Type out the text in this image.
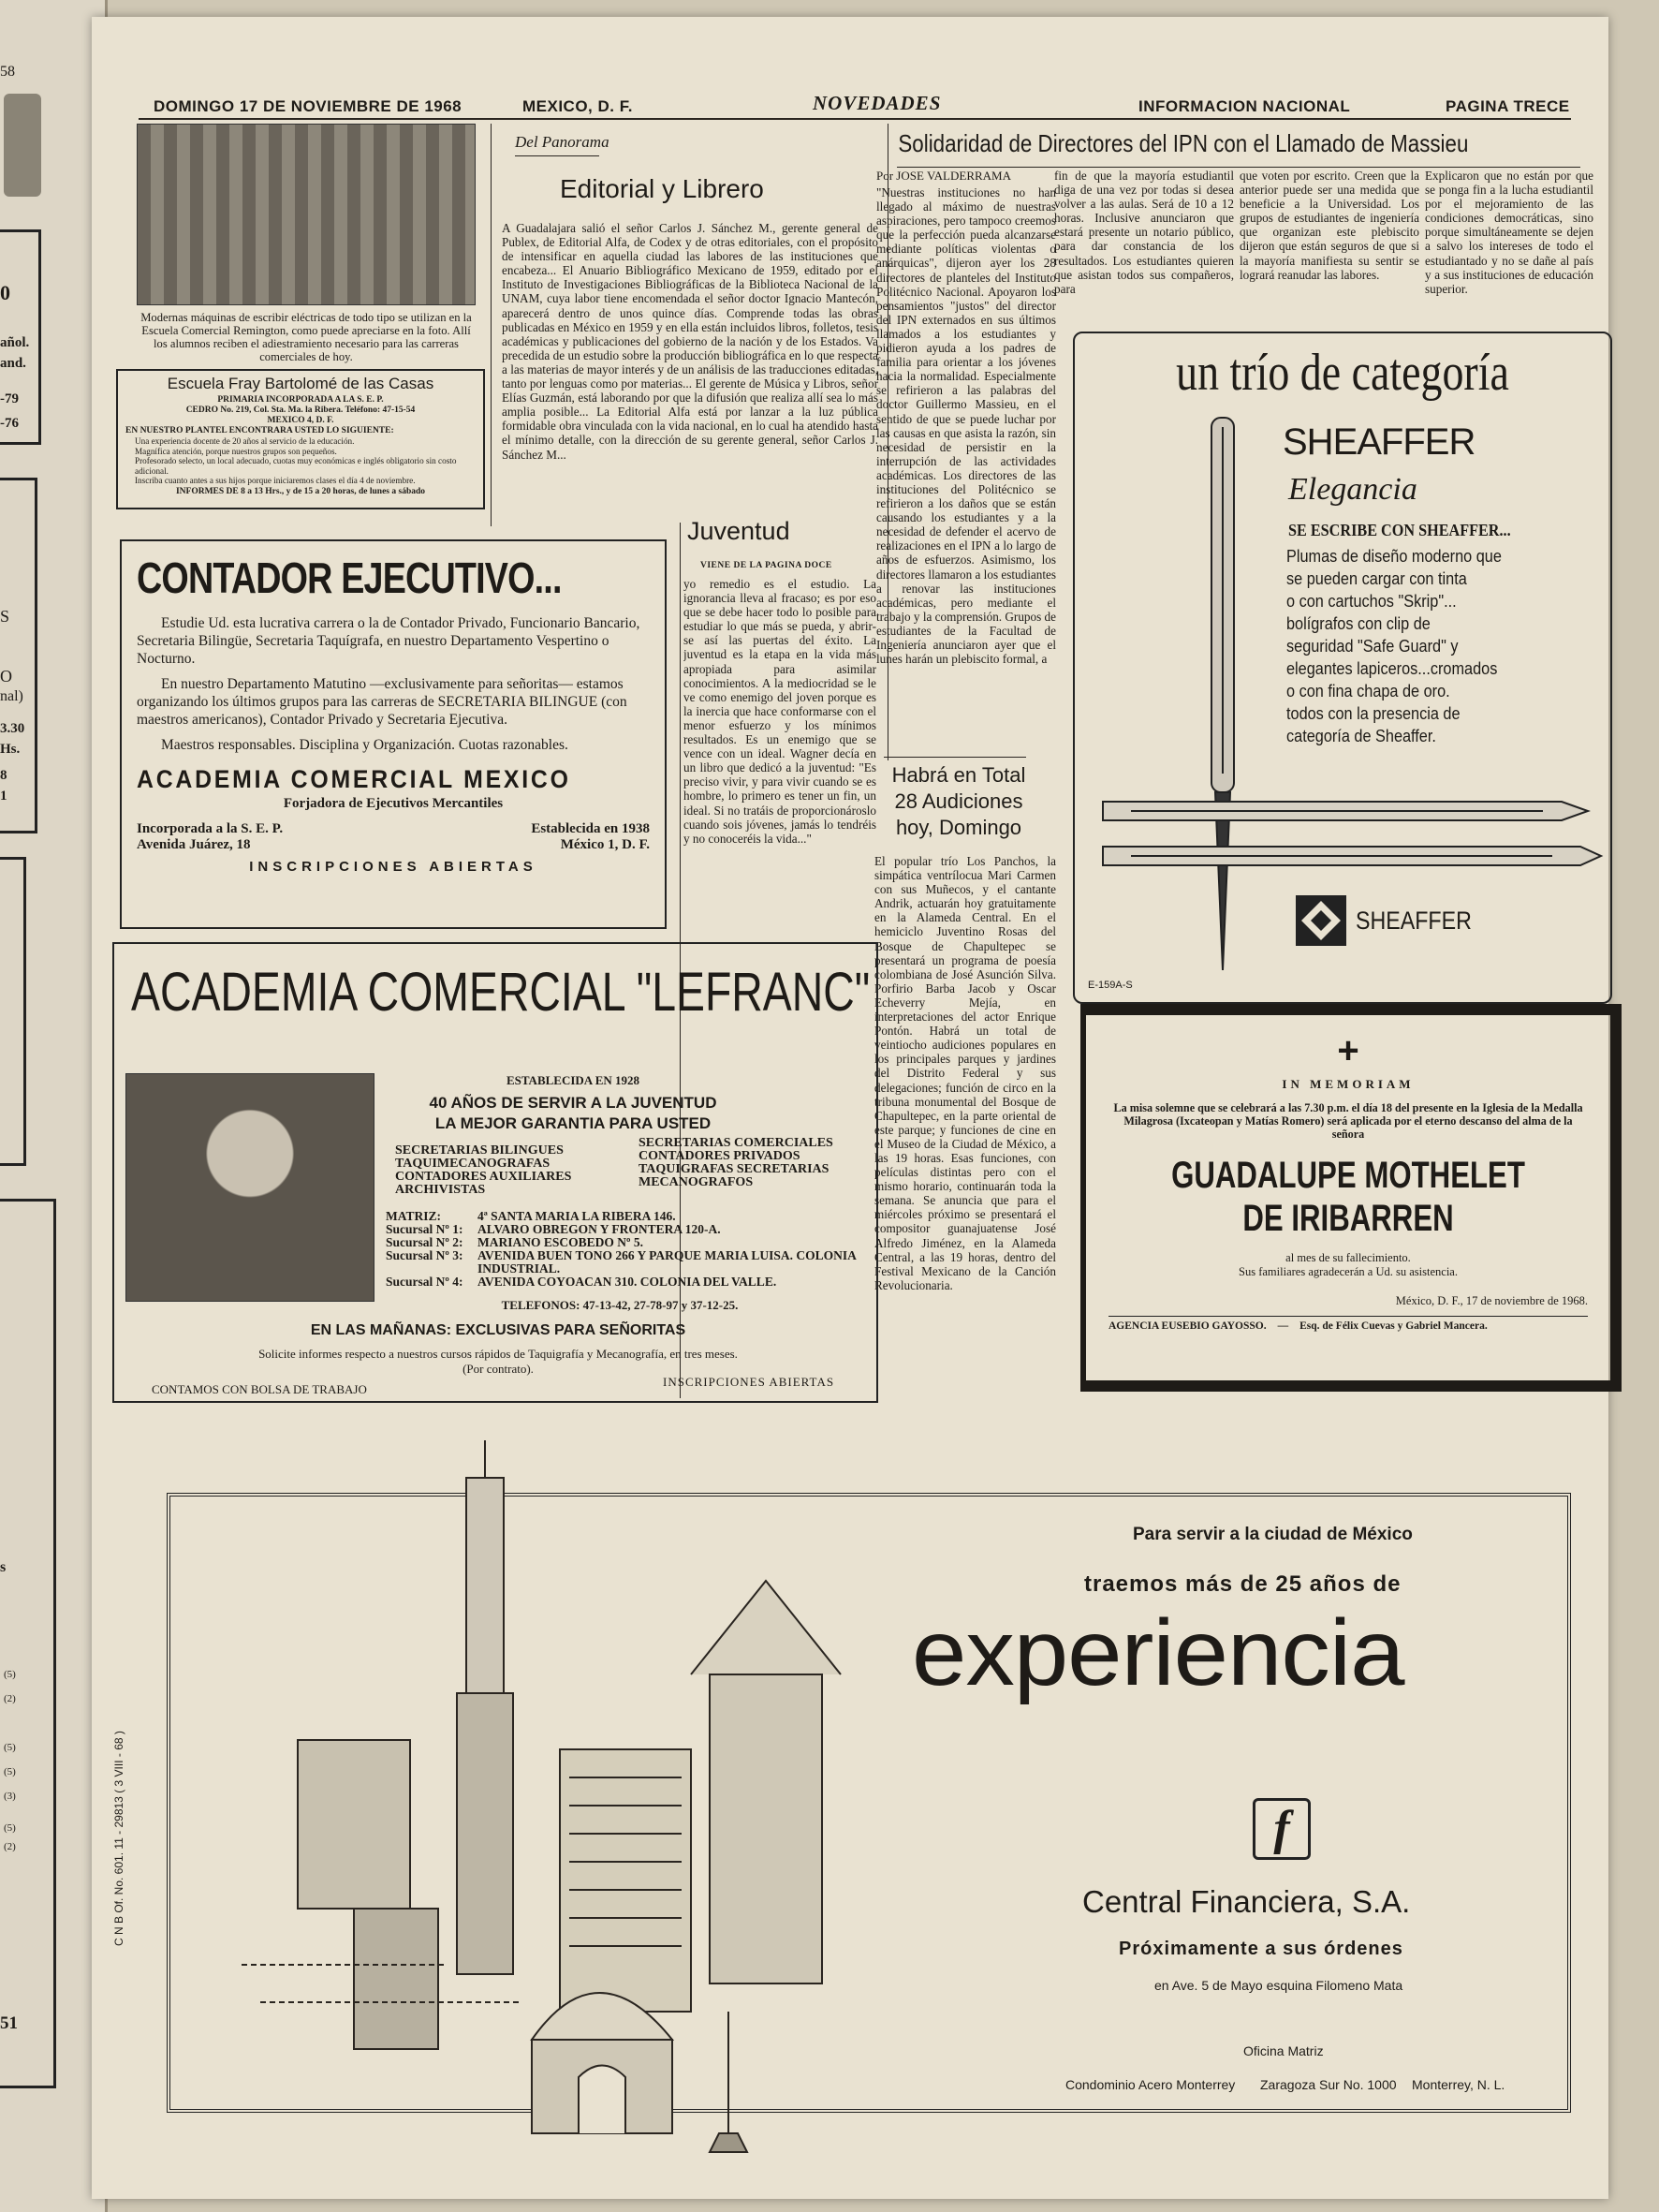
58
0
añol.
and.
-79
-76
S
O
nal)
3.30
Hs.
8
1
s
(5)
(2)
(5)
(5)
(3)
(5)
(2)
51
DOMINGO 17 DE NOVIEMBRE DE 1968	MEXICO, D. F.	NOVEDADES	INFORMACION NACIONAL	PAGINA TRECE
Modernas máquinas de escribir eléctricas de todo tipo se utilizan en la Escuela Comercial Remington, como puede apreciarse en la foto. Allí los alumnos reciben el adiestramiento necesario para las carreras comerciales de hoy.
Escuela Fray Bartolomé de las Casas
PRIMARIA INCORPORADA A LA S. E. P.
CEDRO No. 219, Col. Sta. Ma. la Ribera. Teléfono: 47-15-54
MEXICO 4, D. F.
EN NUESTRO PLANTEL ENCONTRARA USTED LO SIGUIENTE:
Una experiencia docente de 20 años al servicio de la educación.
Magnífica atención, porque nuestros grupos son pequeños.
Profesorado selecto, un local adecuado, cuotas muy económicas e inglés obligatorio sin costo adicional.
Inscriba cuanto antes a sus hijos porque iniciaremos clases el día 4 de noviembre.
INFORMES DE 8 a 13 Hrs., y de 15 a 20 horas, de lunes a sábado
Del Panorama
Editorial y Librero
A Guadalajara salió el señor Carlos J. Sánchez M., gerente general de Publex, de Editorial Alfa, de Codex y de otras editoriales, con el propósito de intensificar en aquella ciudad las labores de las instituciones que encabeza... El Anuario Bibliográfico Mexicano de 1959, editado por el Instituto de Investigaciones Bibliográficas de la Biblioteca Nacional de la UNAM, cuya labor tiene encomendada el señor doctor Ignacio Mantecón, aparecerá dentro de unos quince días. Comprende todas las obras publicadas en México en 1959 y en ella están incluidos libros, folletos, tesis académicas y publicaciones del gobierno de la nación y de los Estados. Va precedida de un estudio sobre la producción bibliográfica en lo que respecta a las materias de mayor interés y de un análisis de las traducciones editadas, tanto por lenguas como por materias... El gerente de Música y Libros, señor Elías Guzmán, está laborando por que la difusión que realiza allí sea lo más amplia posible... La Editorial Alfa está por lanzar a la luz pública formidable obra vinculada con la vida nacional, en lo cual ha atendido hasta el mínimo detalle, con la dirección de su gerente general, señor Carlos J. Sánchez M...
Solidaridad de Directores del IPN con el Llamado de Massieu
Por JOSE VALDERRAMA
"Nuestras instituciones no han llegado al máximo de nuestras aspiraciones, pero tampoco creemos que la perfección pueda alcanzarse mediante políticas violentas o anárquicas", dijeron ayer los 28 directores de planteles del Instituto Politécnico Nacional. Apoyaron los pensamientos "justos" del director del IPN externados en sus últimos llamados a los estudiantes y pidieron ayuda a los padres de familia para orientar a los jóvenes hacia la normalidad. Especialmente se refirieron a las palabras del doctor Guillermo Massieu, en el sentido de que se puede luchar por las causas en que asista la razón, sin necesidad de persistir en la interrupción de las actividades académicas. Los directores de las instituciones del Politécnico se refirieron a los daños que se están causando los estudiantes y a la necesidad de defender el acervo de realizaciones en el IPN a lo largo de años de esfuerzos. Asimismo, los directores llamaron a los estudiantes a renovar las instituciones académicas, pero mediante el trabajo y la comprensión. Grupos de estudiantes de la Facultad de Ingeniería anunciaron ayer que el lunes harán un plebiscito formal, a
fin de que la mayoría estudiantil diga de una vez por todas si desea volver a las aulas. Será de 10 a 12 horas. Inclusive anunciaron que estará presente un notario público, para dar constancia de los resultados. Los estudiantes quieren que asistan todos sus compañeros, para
que voten por escrito. Creen que la anterior puede ser una medida que beneficie a la Universidad. Los grupos de estudiantes de ingeniería que organizan este plebiscito dijeron que están seguros de que si la mayoría manifiesta su sentir se logrará reanudar las labores.
Explicaron que no están por que se ponga fin a la lucha estudiantil por el mejoramiento de las condiciones democráticas, sino porque simultáneamente se dejen a salvo los intereses de todo el estudiantado y no se dañe al país y a sus instituciones de educación superior.
Juventud
VIENE DE LA PAGINA DOCE
yo remedio es el estudio. La ignorancia lleva al fracaso; es por eso que se debe hacer todo lo posible para estudiar lo que más se pueda, y abrir-se así las puertas del éxito. La juventud es la etapa en la vida más apropiada para asimilar conocimientos. A la mediocridad se le ve como enemigo del joven porque es la inercia que hace conformarse con el menor esfuerzo y los mínimos resultados. Es un enemigo que se vence con un ideal. Wagner decía en un libro que dedicó a la juventud: "Es preciso vivir, y para vivir cuando se es hombre, lo primero es tener un fin, un ideal. Si no tratáis de proporcionároslo cuando sois jóvenes, jamás lo tendréis y no conoceréis la vida..."
Habrá en Total 28 Audiciones hoy, Domingo
El popular trío Los Panchos, la simpática ventrílocua Mari Carmen con sus Muñecos, y el cantante Andrik, actuarán hoy gratuitamente en la Alameda Central. En el hemiciclo Juventino Rosas del Bosque de Chapultepec se presentará un programa de poesía colombiana de José Asunción Silva. Porfirio Barba Jacob y Oscar Echeverry Mejía, en interpretaciones del actor Enrique Pontón. Habrá un total de veintiocho audiciones populares en los principales parques y jardines del Distrito Federal y sus delegaciones; función de circo en la tribuna monumental del Bosque de Chapultepec, en la parte oriental de este parque; y funciones de cine en el Museo de la Ciudad de México, a las 19 horas. Esas funciones, con películas distintas pero con el mismo horario, continuarán toda la semana. Se anuncia que para el miércoles próximo se presentará el compositor guanajuatense José Alfredo Jiménez, en la Alameda Central, a las 19 horas, dentro del Festival Mexicano de la Canción Revolucionaria.
CONTADOR EJECUTIVO...
Estudie Ud. esta lucrativa carrera o la de Contador Privado, Funcionario Bancario, Secretaria Bilingüe, Secretaria Taquígrafa, en nuestro Departamento Vespertino o Nocturno.
En nuestro Departamento Matutino —exclusivamente para señoritas— estamos organizando los últimos grupos para las carreras de SECRETARIA BILINGUE (con maestros americanos), Contador Privado y Secretaria Ejecutiva.
Maestros responsables. Disciplina y Organización. Cuotas razonables.
ACADEMIA COMERCIAL MEXICO
Forjadora de Ejecutivos Mercantiles
Incorporada a la S. E. P.
Avenida Juárez, 18
Establecida en 1938
México 1, D. F.
INSCRIPCIONES ABIERTAS
ACADEMIA COMERCIAL "LEFRANC"
ESTABLECIDA EN 1928
40 AÑOS DE SERVIR A LA JUVENTUD
LA MEJOR GARANTIA PARA USTED
SECRETARIAS BILINGUES
TAQUIMECANOGRAFAS
CONTADORES AUXILIARES
ARCHIVISTAS
SECRETARIAS COMERCIALES
CONTADORES PRIVADOS
TAQUIGRAFAS SECRETARIAS
MECANOGRAFOS
MATRIZ:	4ª SANTA MARIA LA RIBERA 146.
Sucursal Nº 1:	ALVARO OBREGON Y FRONTERA 120-A.
Sucursal Nº 2:	MARIANO ESCOBEDO Nº 5.
Sucursal Nº 3:	AVENIDA BUEN TONO 266 Y PARQUE MARIA LUISA. COLONIA INDUSTRIAL.
Sucursal Nº 4:	AVENIDA COYOACAN 310. COLONIA DEL VALLE.
TELEFONOS: 47-13-42, 27-78-97 y 37-12-25.
EN LAS MAÑANAS: EXCLUSIVAS PARA SEÑORITAS
Solicite informes respecto a nuestros cursos rápidos de Taquigrafía y Mecanografía, en tres meses.
(Por contrato).
CONTAMOS CON BOLSA DE TRABAJO
INSCRIPCIONES ABIERTAS
un trío de categoría
SHEAFFER
Elegancia
SE ESCRIBE CON SHEAFFER...
Plumas de diseño moderno que
se pueden cargar con tinta
o con cartuchos "Skrip"...
bolígrafos con clip de
seguridad "Safe Guard" y
elegantes lapiceros...cromados
o con fina chapa de oro.
todos con la presencia de
categoría de Sheaffer.
SHEAFFER
E-159A-S
+
IN MEMORIAM
La misa solemne que se celebrará a las 7.30 p.m. el día 18 del presente en la Iglesia de la Medalla Milagrosa (Ixcateopan y Matías Romero) será aplicada por el eterno descanso del alma de la señora
GUADALUPE MOTHELET
DE IRIBARREN
al mes de su fallecimiento.
Sus familiares agradecerán a Ud. su asistencia.
México, D. F., 17 de noviembre de 1968.
AGENCIA EUSEBIO GAYOSSO. — Esq. de Félix Cuevas y Gabriel Mancera.
Para servir a la ciudad de México
traemos más de 25 años de
experiencia
f
Central Financiera, S.A.
Próximamente a sus órdenes
en Ave. 5 de Mayo esquina Filomeno Mata
Oficina Matriz
Condominio Acero Monterrey Zaragoza Sur No. 1000 Monterrey, N. L.
C N B Of. No. 601. 11 - 29813 ( 3 VIII - 68 )
